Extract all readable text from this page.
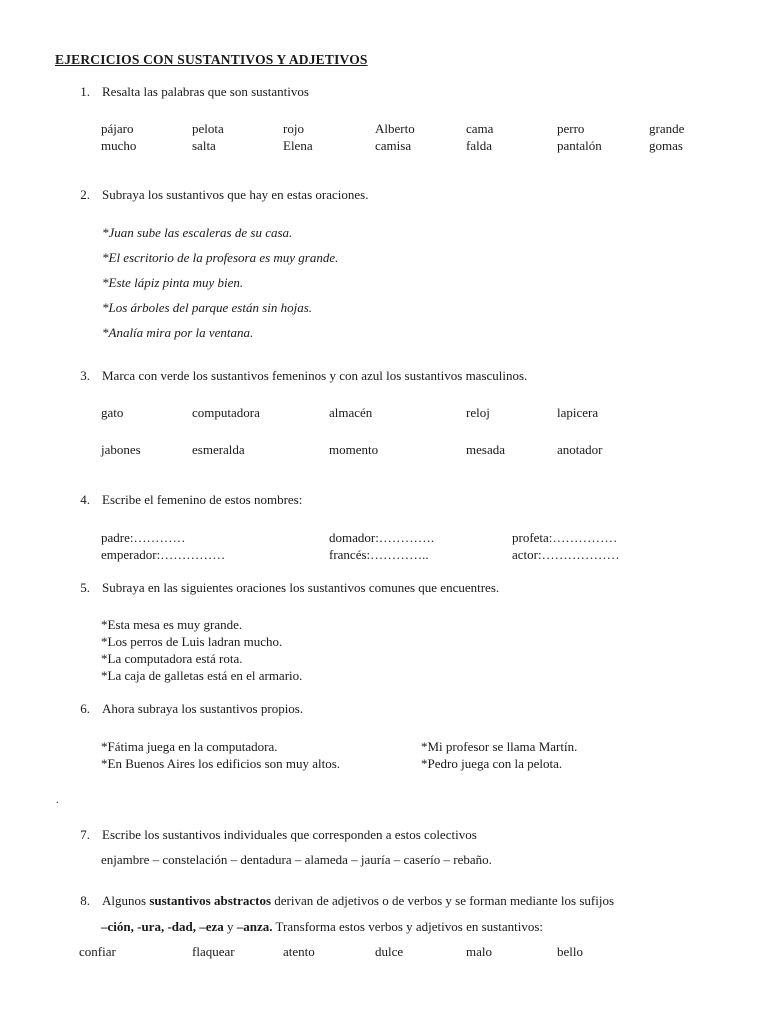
EJERCICIOS CON SUSTANTIVOS Y ADJETIVOS
1. Resalta las palabras que son sustantivos
pájaro	pelota	rojo	Alberto	cama	perro	grande
mucho	salta	Elena	camisa	falda	pantalón	gomas
2. Subraya los sustantivos que hay en estas oraciones.
*Juan sube las escaleras de su casa.
*El escritorio de la profesora es muy grande.
*Este lápiz pinta muy bien.
*Los árboles del parque están sin hojas.
*Analía mira por la ventana.
3. Marca con verde los sustantivos femeninos y con azul los sustantivos masculinos.
gato	computadora	almacén	reloj	lapicera
jabones	esmeralda	momento	mesada	anotador
4. Escribe el femenino de estos nombres:
padre:…………	domador:………….	profeta:……………
emperador:……………	francés:…………..	actor:………………
5. Subraya en las siguientes oraciones los sustantivos comunes que encuentres.
*Esta mesa es muy grande.
*Los perros de Luis ladran mucho.
*La computadora está rota.
*La caja de galletas está en el armario.
6. Ahora subraya los sustantivos propios.
*Fátima juega en la computadora.
*En Buenos Aires los edificios son muy altos.
*Mi profesor se llama Martín.
*Pedro juega con la pelota.
.
7. Escribe los sustantivos individuales que corresponden a estos colectivos
enjambre – constelación – dentadura – alameda – jauría – caserío – rebaño.
8. Algunos sustantivos abstractos derivan de adjetivos o de verbos y se forman mediante los sufijos
–ción, -ura, -dad, –eza y –anza. Transforma estos verbos y adjetivos en sustantivos:
confiar	flaquear	atento	dulce	malo	bello
